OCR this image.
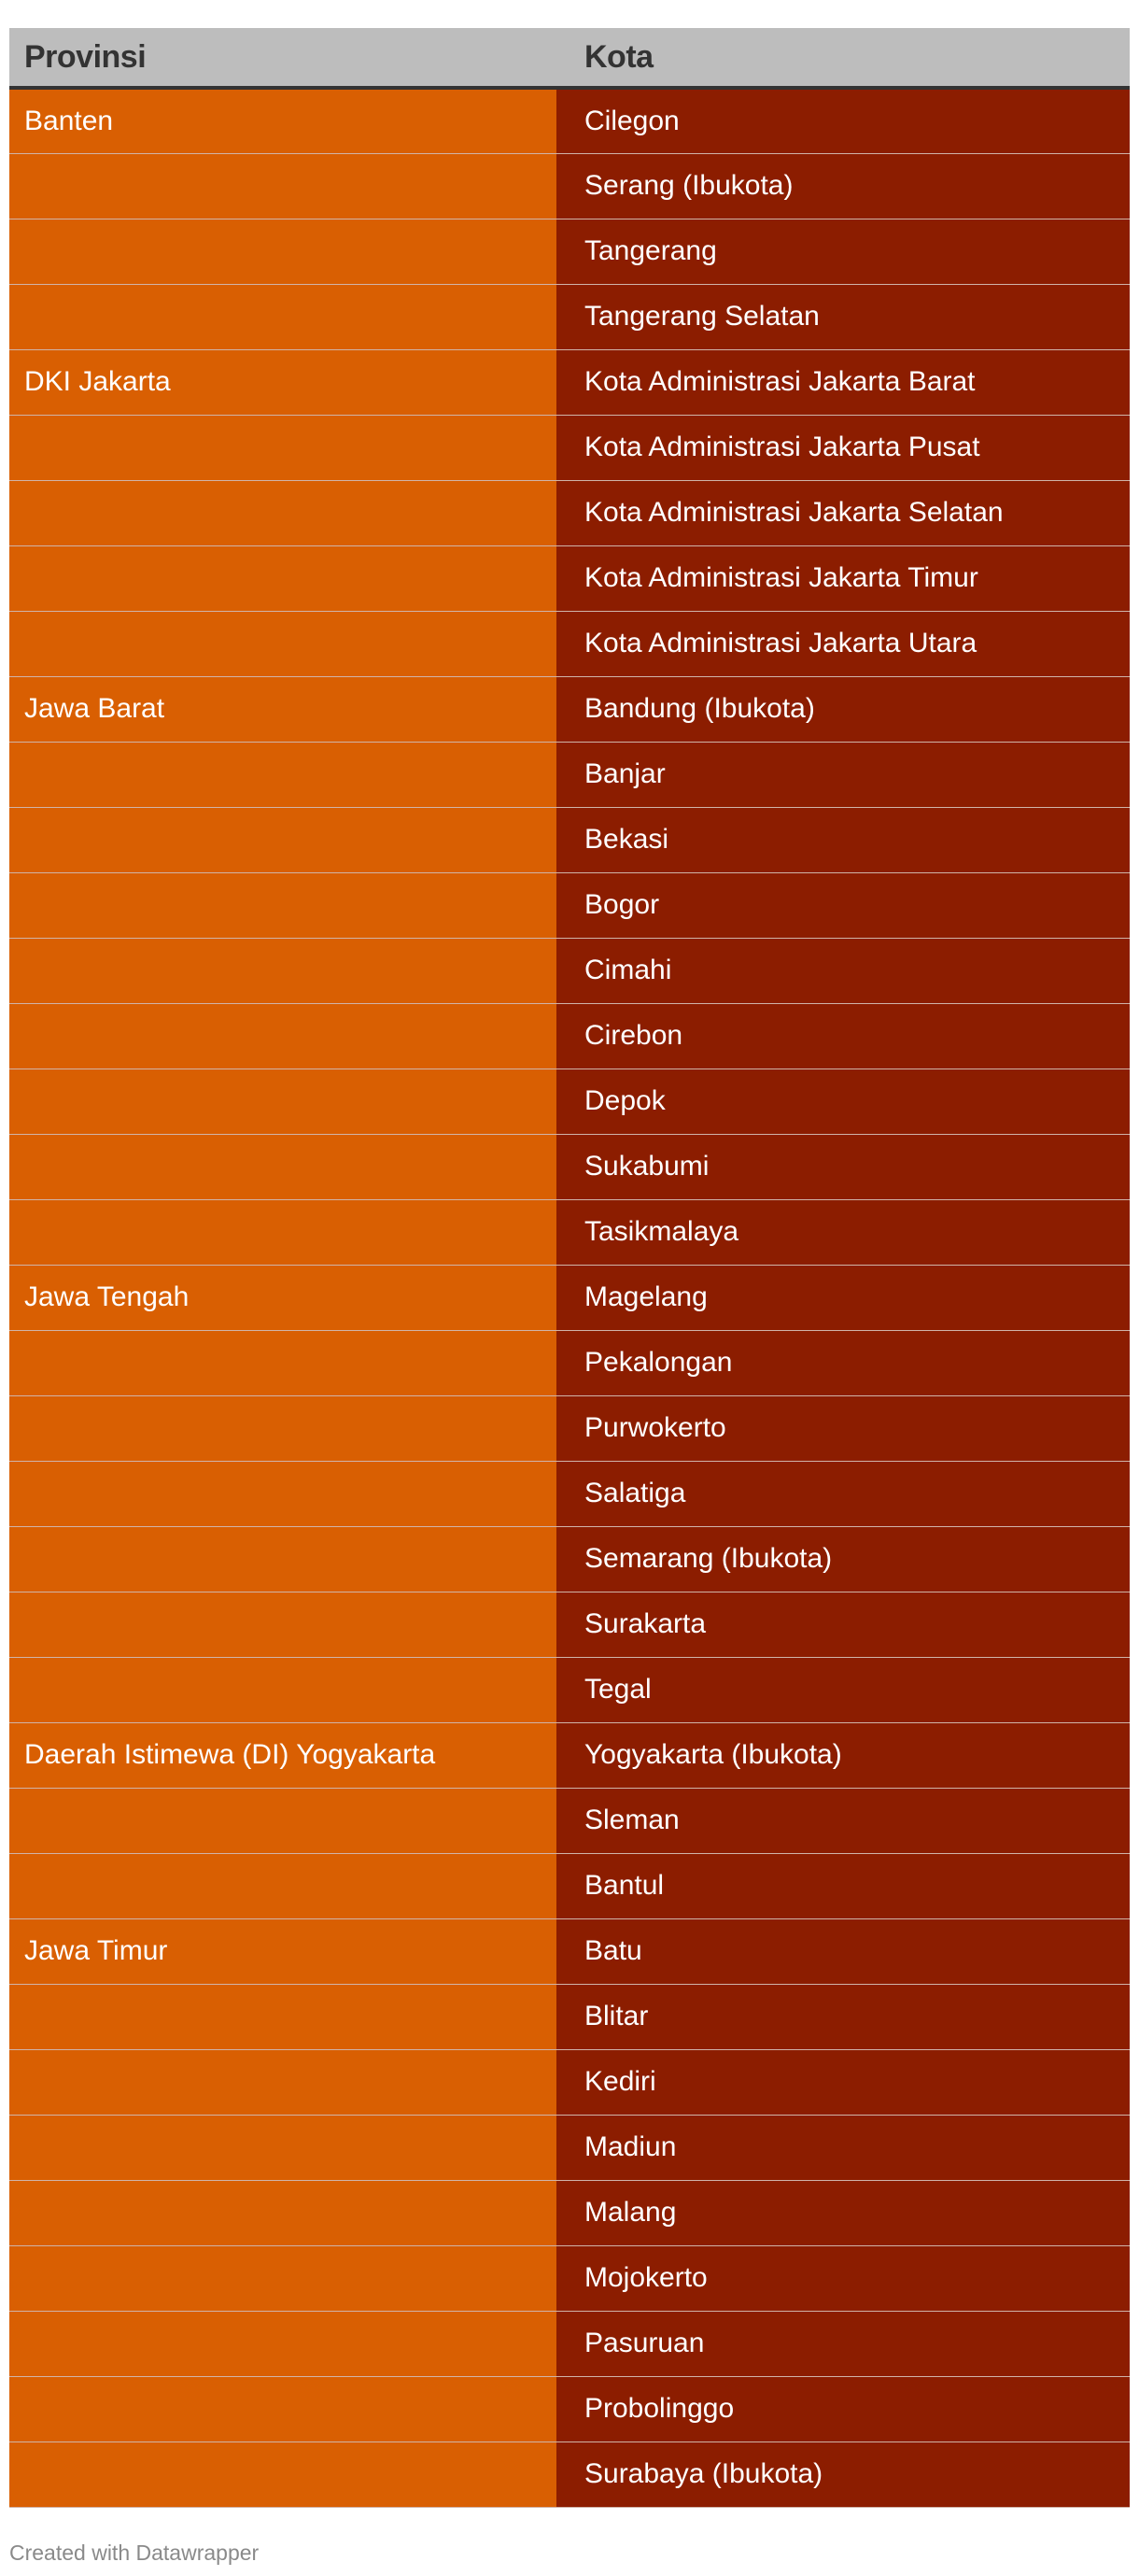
Provinsi	Kota
Banten	Cilegon
	Serang (Ibukota)
	Tangerang
	Tangerang Selatan
DKI Jakarta	Kota Administrasi Jakarta Barat
	Kota Administrasi Jakarta Pusat
	Kota Administrasi Jakarta Selatan
	Kota Administrasi Jakarta Timur
	Kota Administrasi Jakarta Utara
Jawa Barat	Bandung (Ibukota)
	Banjar
	Bekasi
	Bogor
	Cimahi
	Cirebon
	Depok
	Sukabumi
	Tasikmalaya
Jawa Tengah	Magelang
	Pekalongan
	Purwokerto
	Salatiga
	Semarang (Ibukota)
	Surakarta
	Tegal
Daerah Istimewa (DI) Yogyakarta	Yogyakarta (Ibukota)
	Sleman
	Bantul
Jawa Timur	Batu
	Blitar
	Kediri
	Madiun
	Malang
	Mojokerto
	Pasuruan
	Probolinggo
	Surabaya (Ibukota)
Created with Datawrapper
